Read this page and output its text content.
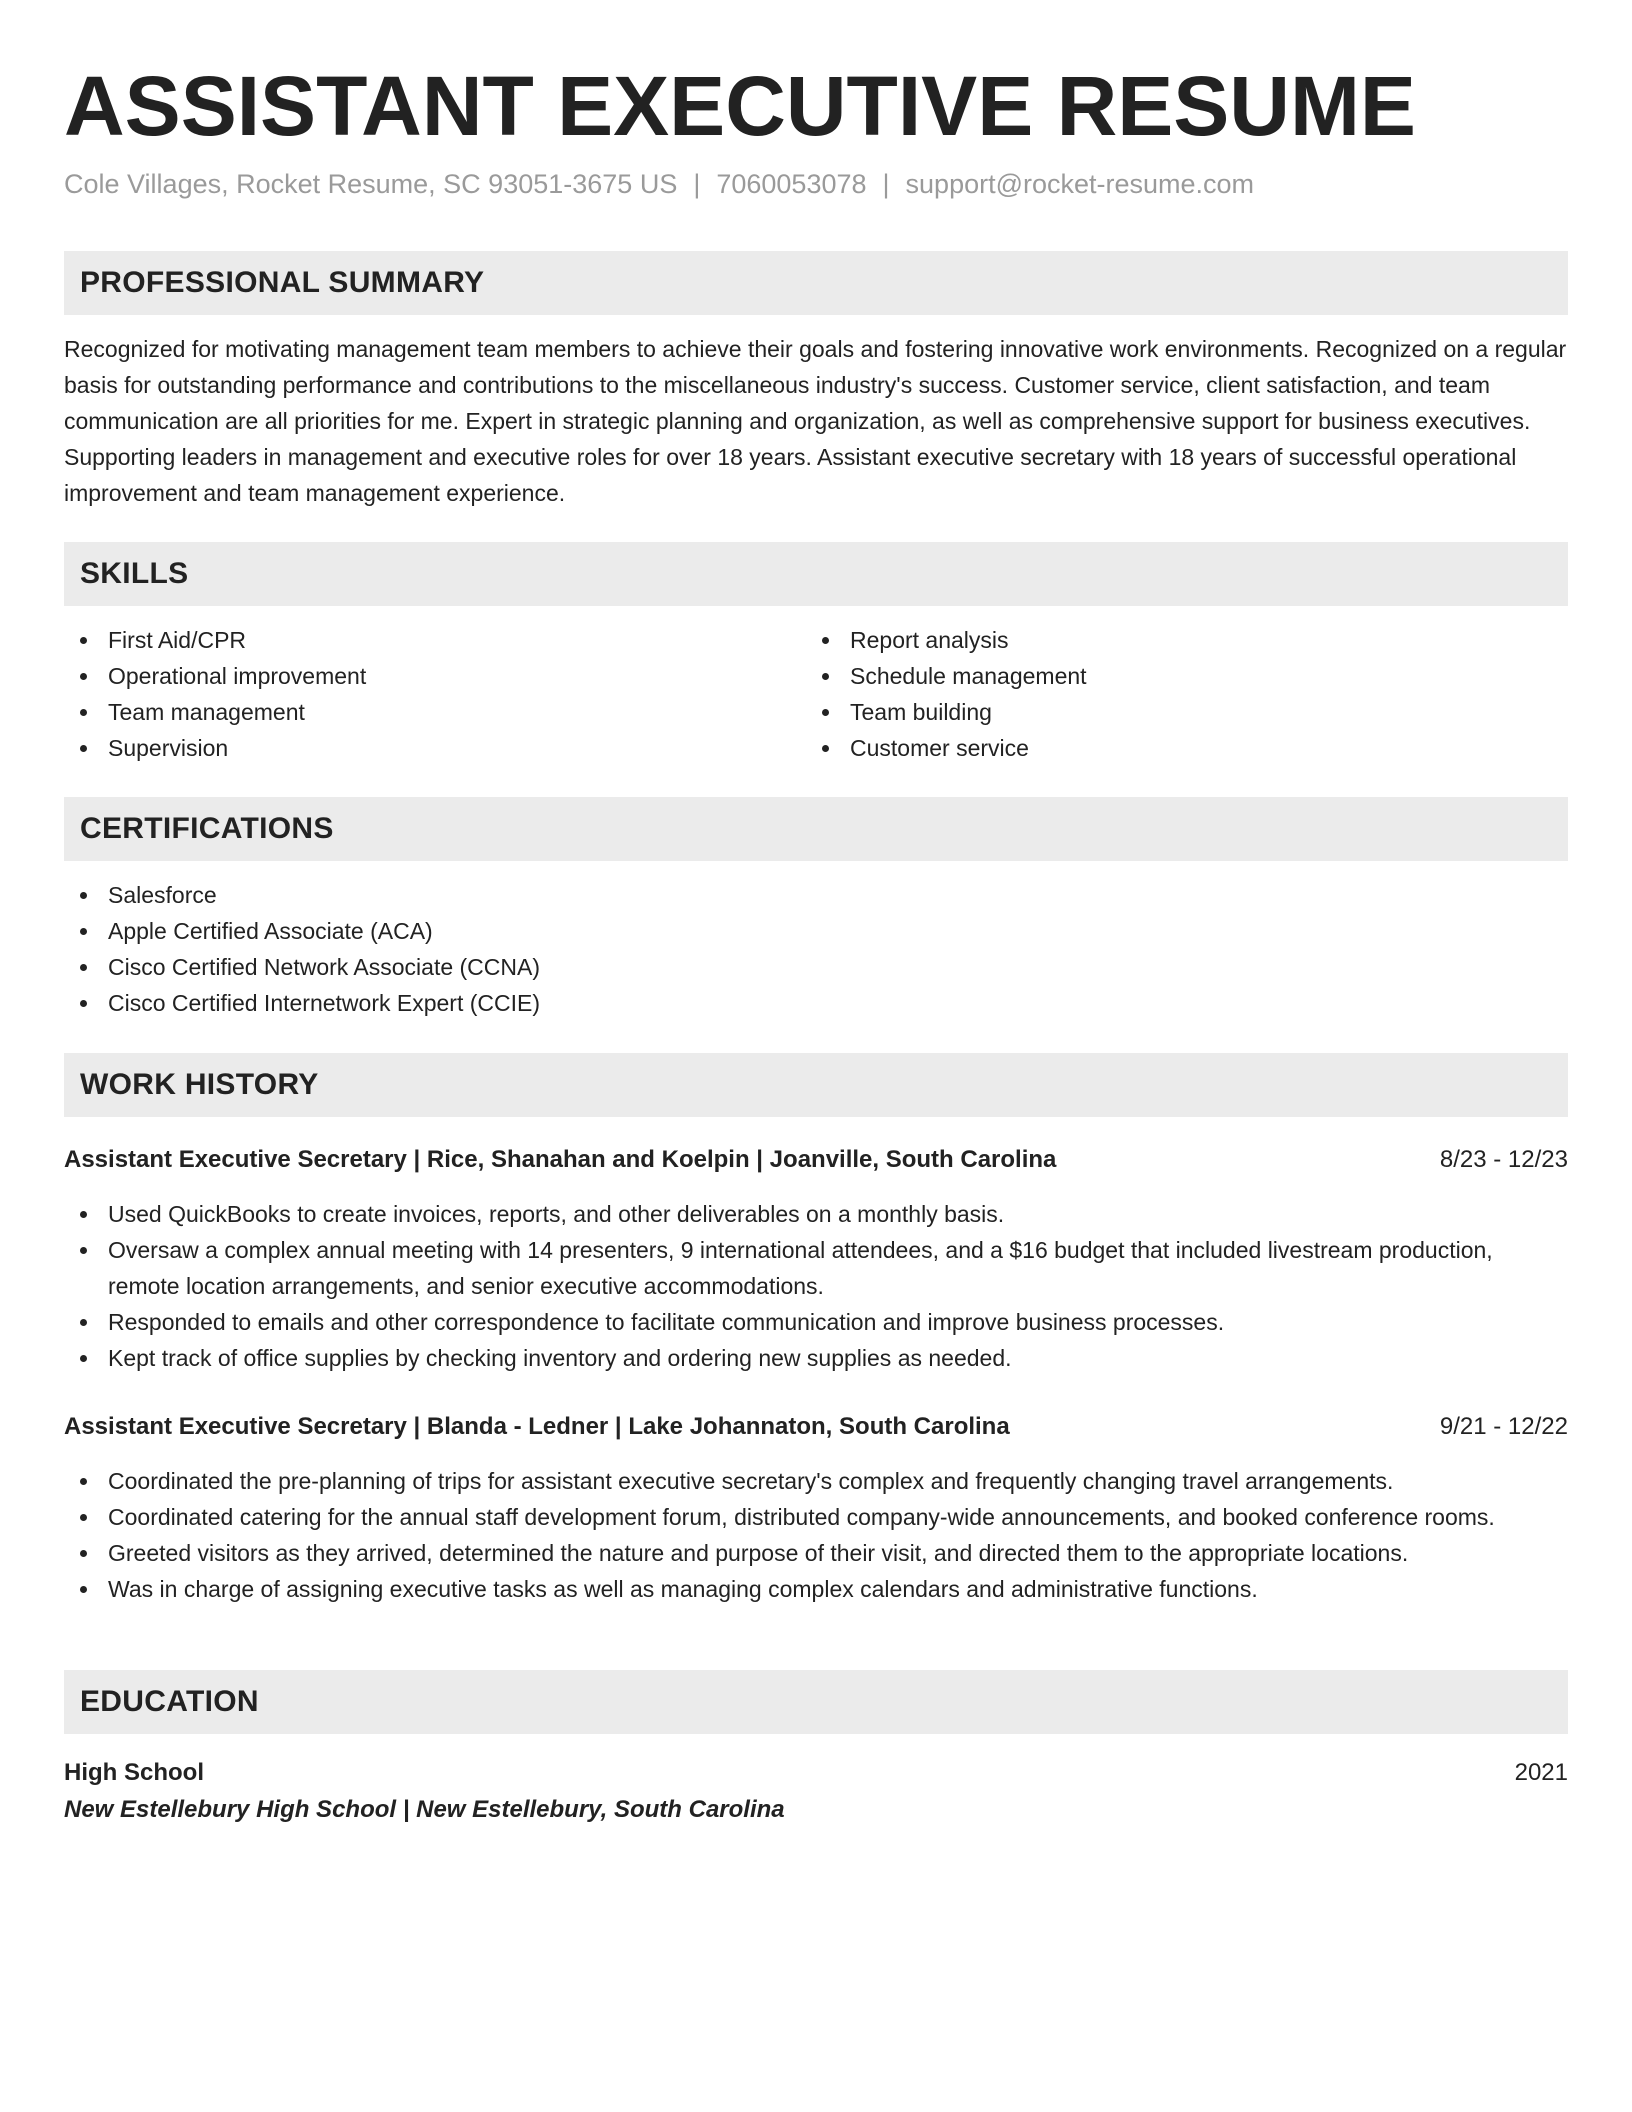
ASSISTANT EXECUTIVE RESUME
Cole Villages, Rocket Resume, SC 93051-3675 US | 7060053078 | support@rocket-resume.com
PROFESSIONAL SUMMARY

Recognized for motivating management team members to achieve their goals and fostering innovative work environments. Recognized on a regular basis for outstanding performance and contributions to the miscellaneous industry's success. Customer service, client satisfaction, and team communication are all priorities for me. Expert in strategic planning and organization, as well as comprehensive support for business executives. Supporting leaders in management and executive roles for over 18 years. Assistant executive secretary with 18 years of successful operational improvement and team management experience.

SKILLS
First Aid/CPR
Operational improvement
Team management
Supervision
Report analysis
Schedule management
Team building
Customer service
CERTIFICATIONS
Salesforce
Apple Certified Associate (ACA)
Cisco Certified Network Associate (CCNA)
Cisco Certified Internetwork Expert (CCIE)
WORK HISTORY
Assistant Executive Secretary | Rice, Shanahan and Koelpin | Joanville, South Carolina	8/23 - 12/23
Used QuickBooks to create invoices, reports, and other deliverables on a monthly basis.
Oversaw a complex annual meeting with 14 presenters, 9 international attendees, and a $16 budget that included livestream production, remote location arrangements, and senior executive accommodations.
Responded to emails and other correspondence to facilitate communication and improve business processes.
Kept track of office supplies by checking inventory and ordering new supplies as needed.
Assistant Executive Secretary | Blanda - Ledner | Lake Johannaton, South Carolina	9/21 - 12/22
Coordinated the pre-planning of trips for assistant executive secretary's complex and frequently changing travel arrangements.
Coordinated catering for the annual staff development forum, distributed company-wide announcements, and booked conference rooms.
Greeted visitors as they arrived, determined the nature and purpose of their visit, and directed them to the appropriate locations.
Was in charge of assigning executive tasks as well as managing complex calendars and administrative functions.
EDUCATION
High School	2021
New Estellebury High School | New Estellebury, South Carolina
